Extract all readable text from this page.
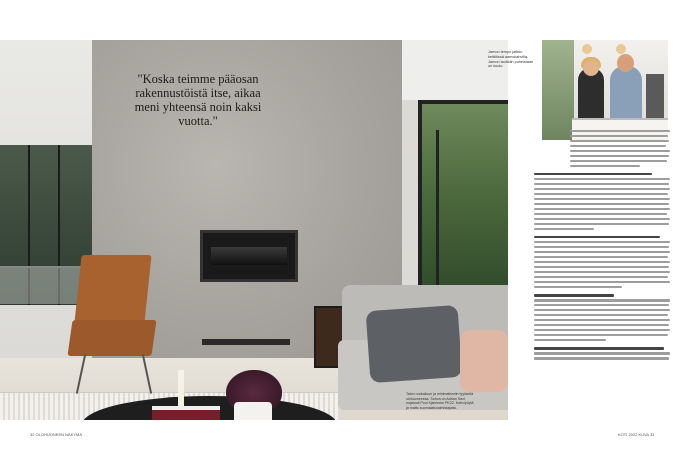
"Koska teimme pääosan rakennustöistä itse, aikaa meni yhteensä noin kaksi vuotta."
Talon ruokailuun ja minimalismiin tyylisellä olohuoneessa. Sohva on Adrian Savi, nojatuoli Poul Kjærholm PK22. Kahvipöytä ja matto suomalaisvalmistajalta.
Jarnon tempo jatkuu keittiössä aamukahvilla. Jarnon isoäidin puheistaan on kuulu.
32 OLOHUONEEN NÄKYMÄ	KOTI 2022 KUVA 33
